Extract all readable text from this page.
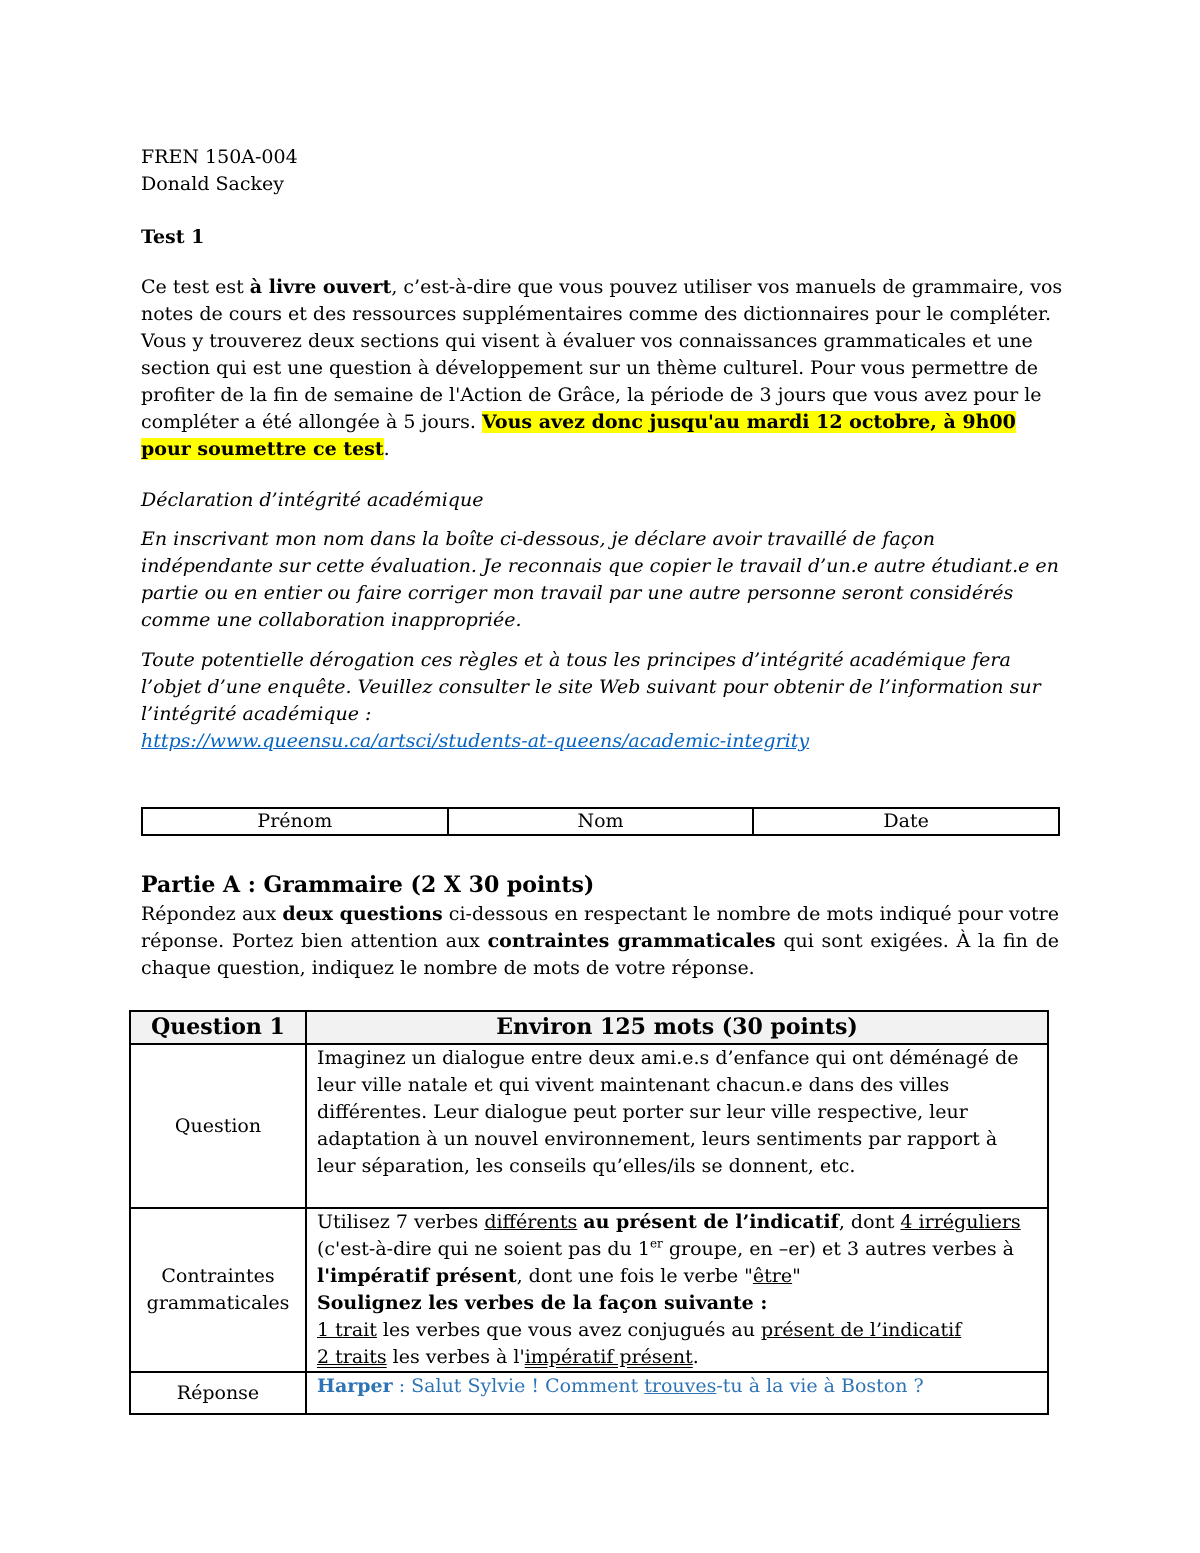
FREN 150A-004
Donald Sackey
Test 1

Ce test est à livre ouvert, c’est-à-dire que vous pouvez utiliser vos manuels de grammaire, vos notes de cours et des ressources supplémentaires comme des dictionnaires pour le compléter. Vous y trouverez deux sections qui visent à évaluer vos connaissances grammaticales et une section qui est une question à développement sur un thème culturel. Pour vous permettre de profiter de la fin de semaine de l'Action de Grâce, la période de 3 jours que vous avez pour le compléter a été allongée à 5 jours. Vous avez donc jusqu'au mardi 12 octobre, à 9h00 pour soumettre ce test.

Déclaration d’intégrité académique

En inscrivant mon nom dans la boîte ci-dessous, je déclare avoir travaillé de façon indépendante sur cette évaluation. Je reconnais que copier le travail d’un.e autre étudiant.e en partie ou en entier ou faire corriger mon travail par une autre personne seront considérés comme une collaboration inappropriée.

Toute potentielle dérogation ces règles et à tous les principes d’intégrité académique fera l’objet d’une enquête. Veuillez consulter le site Web suivant pour obtenir de l’information sur l’intégrité académique :
https://www.queensu.ca/artsci/students-at-queens/academic-integrity

Prénom	Nom	Date
Partie A : Grammaire (2 X 30 points)

Répondez aux deux questions ci-dessous en respectant le nombre de mots indiqué pour votre réponse. Portez bien attention aux contraintes grammaticales qui sont exigées. À la fin de chaque question, indiquez le nombre de mots de votre réponse.

Question 1	Environ 125 mots (30 points)
Question	Imaginez un dialogue entre deux ami.e.s d’enfance qui ont déménagé de leur ville natale et qui vivent maintenant chacun.e dans des villes différentes. Leur dialogue peut porter sur leur ville respective, leur adaptation à un nouvel environnement, leurs sentiments par rapport à leur séparation, les conseils qu’elles/ils se donnent, etc.
Contraintes grammaticales	Utilisez 7 verbes différents au présent de l’indicatif, dont 4 irréguliers (c'est-à-dire qui ne soient pas du 1er groupe, en –er) et 3 autres verbes à l'impératif présent, dont une fois le verbe "être"
Soulignez les verbes de la façon suivante :
1 trait les verbes que vous avez conjugués au présent de l’indicatif
2 traits les verbes à l'impératif présent.
Réponse	Harper : Salut Sylvie ! Comment trouves-tu à la vie à Boston ?
